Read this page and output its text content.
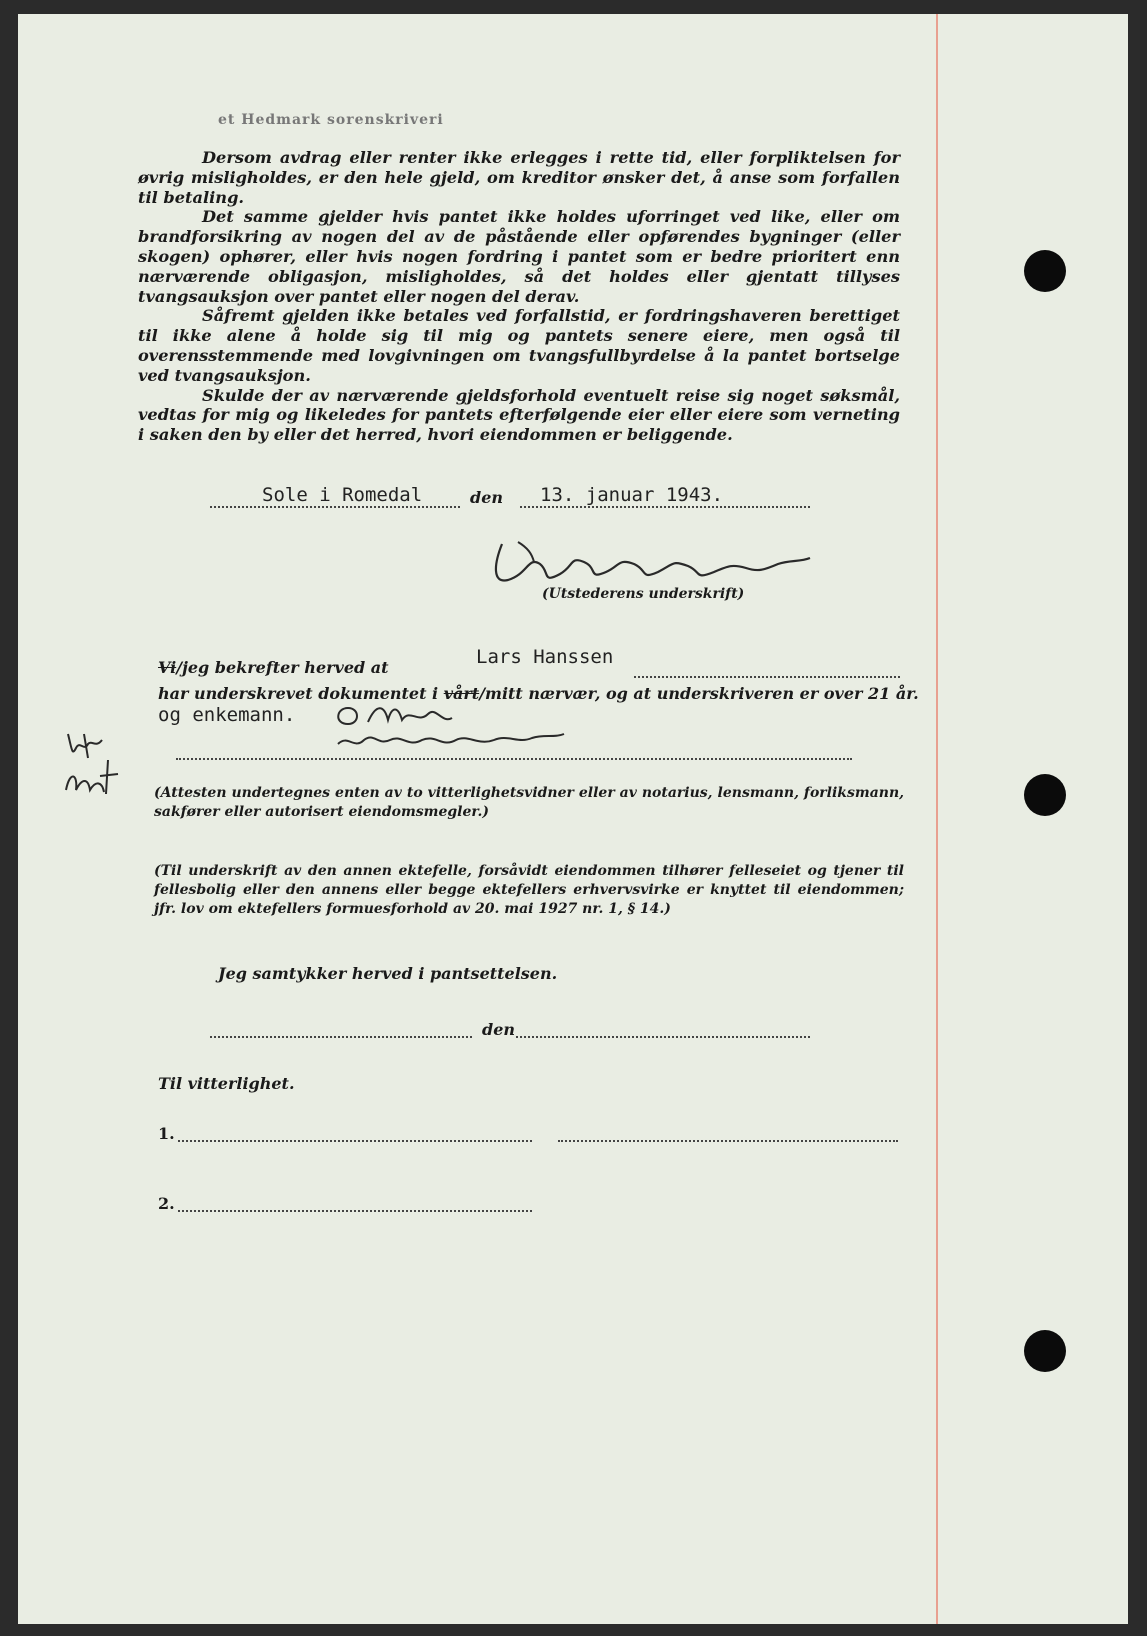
et Hedmark sorenskriveri

Dersom avdrag eller renter ikke erlegges i rette tid, eller forpliktelsen for øvrig misligholdes, er den hele gjeld, om kreditor ønsker det, å anse som forfallen til betaling.

Det samme gjelder hvis pantet ikke holdes uforringet ved like, eller om brandforsikring av nogen del av de påstående eller opførendes bygninger (eller skogen) ophører, eller hvis nogen fordring i pantet som er bedre prioritert enn nærværende obligasjon, misligholdes, så det holdes eller gjentatt tillyses tvangsauksjon over pantet eller nogen del derav.

Såfremt gjelden ikke betales ved forfallstid, er fordringshaveren berettiget til ikke alene å holde sig til mig og pantets senere eiere, men også til overensstemmende med lovgivningen om tvangsfullbyrdelse å la pantet bortselge ved tvangsauksjon.

Skulde der av nærværende gjeldsforhold eventuelt reise sig noget søksmål, vedtas for mig og likeledes for pantets efterfølgende eier eller eiere som verneting i saken den by eller det herred, hvori eiendommen er beliggende.

Sole i Romedal	den 13. januar 1943.
(Utstederens underskrift)
Vi/jeg bekrefter herved at	Lars Hanssen
har underskrevet dokumentet i vårt/mitt nærvær, og at underskriveren er over 21 år.
og enkemann.
(Attesten undertegnes enten av to vitterlighetsvidner eller av notarius, lensmann, forliksmann, sakfører eller autorisert eiendomsmegler.)
(Til underskrift av den annen ektefelle, forsåvidt eiendommen tilhører felleseiet og tjener til fellesbolig eller den annens eller begge ektefellers erhvervsvirke er knyttet til eiendommen; jfr. lov om ektefellers formuesforhold av 20. mai 1927 nr. 1, § 14.)
Jeg samtykker herved i pantsettelsen.
den
Til vitterlighet.
1.
2.
